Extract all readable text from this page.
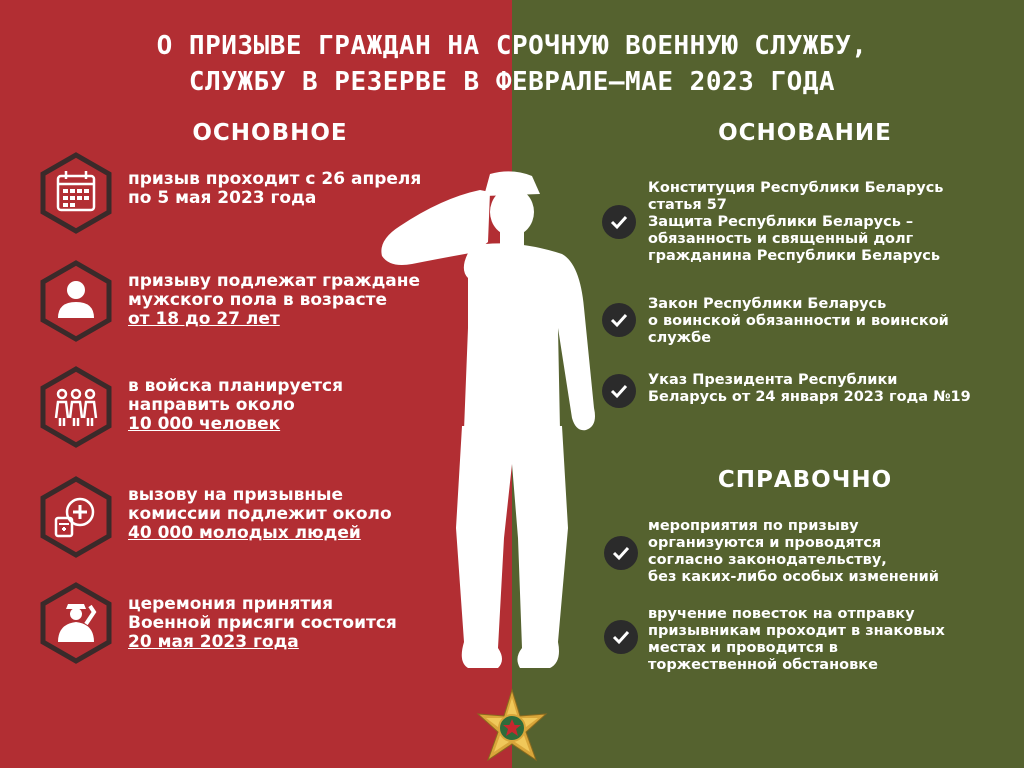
О ПРИЗЫВЕ ГРАЖДАН НА СРОЧНУЮ ВОЕННУЮ СЛУЖБУ,
СЛУЖБУ В РЕЗЕРВЕ В ФЕВРАЛЕ–МАЕ 2023 ГОДА
ОСНОВНОЕ	ОСНОВАНИЕ
СПРАВОЧНО
призыв проходит с 26 апреля
по 5 мая 2023 года
призыву подлежат граждане
мужского пола в возрасте
от 18 до 27 лет
в войска планируется
направить около
10 000 человек
вызову на призывные
комиссии подлежит около
40 000 молодых людей
церемония принятия
Военной присяги состоится
20 мая 2023 года
Конституция Республики Беларусь
статья 57
Защита Республики Беларусь –
обязанность и священный долг
гражданина Республики Беларусь
Закон Республики Беларусь
о воинской обязанности и воинской
службе
Указ Президента Республики
Беларусь от 24 января 2023 года №19
мероприятия по призыву
организуются и проводятся
согласно законодательству,
без каких-либо особых изменений
вручение повесток на отправку
призывникам проходит в знаковых
местах и проводится в
торжественной обстановке
